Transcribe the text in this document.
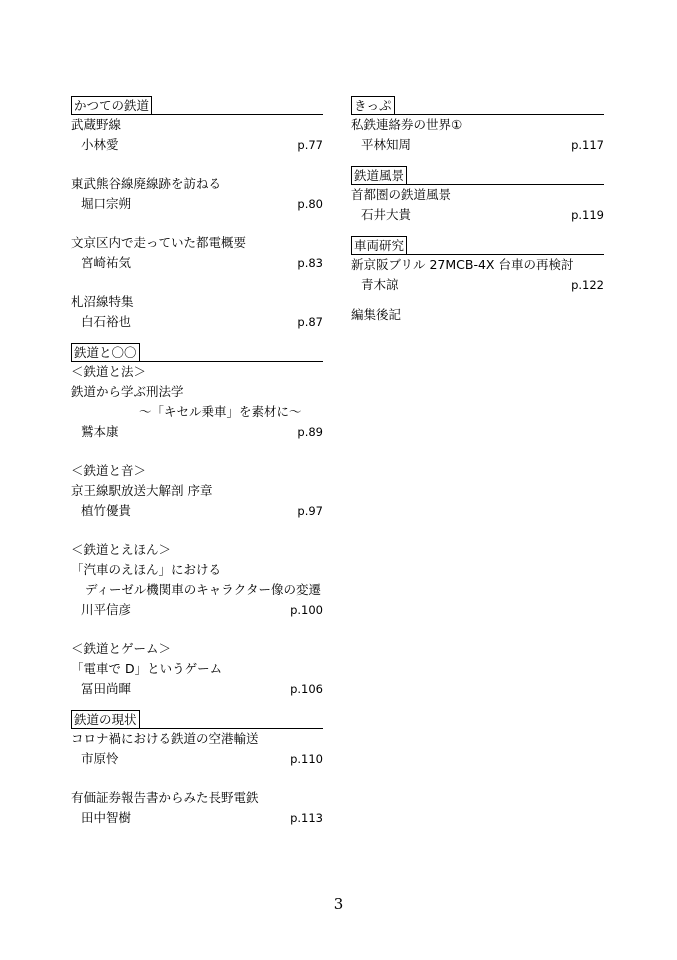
かつての鉄道
武蔵野線
小林愛	p.77
東武熊谷線廃線跡を訪ねる
堀口宗朔	p.80
文京区内で走っていた都電概要
宮崎祐気	p.83
札沼線特集
白石裕也	p.87
鉄道と〇〇
＜鉄道と法＞
鉄道から学ぶ刑法学
〜「キセル乗車」を素材に〜
鷲本康	p.89
＜鉄道と音＞
京王線駅放送大解剖 序章
植竹優貴	p.97
＜鉄道とえほん＞
「汽車のえほん」における
ディーゼル機関車のキャラクター像の変遷
川平信彦	p.100
＜鉄道とゲーム＞
「電車で D」というゲーム
冨田尚暉	p.106
鉄道の現状
コロナ禍における鉄道の空港輸送
市原怜	p.110
有価証券報告書からみた長野電鉄
田中智樹	p.113
きっぷ
私鉄連絡券の世界①
平林知周	p.117
鉄道風景
首都圏の鉄道風景
石井大貴	p.119
車両研究
新京阪ブリル 27MCB-4X 台車の再検討
青木諒	p.122
編集後記
3
